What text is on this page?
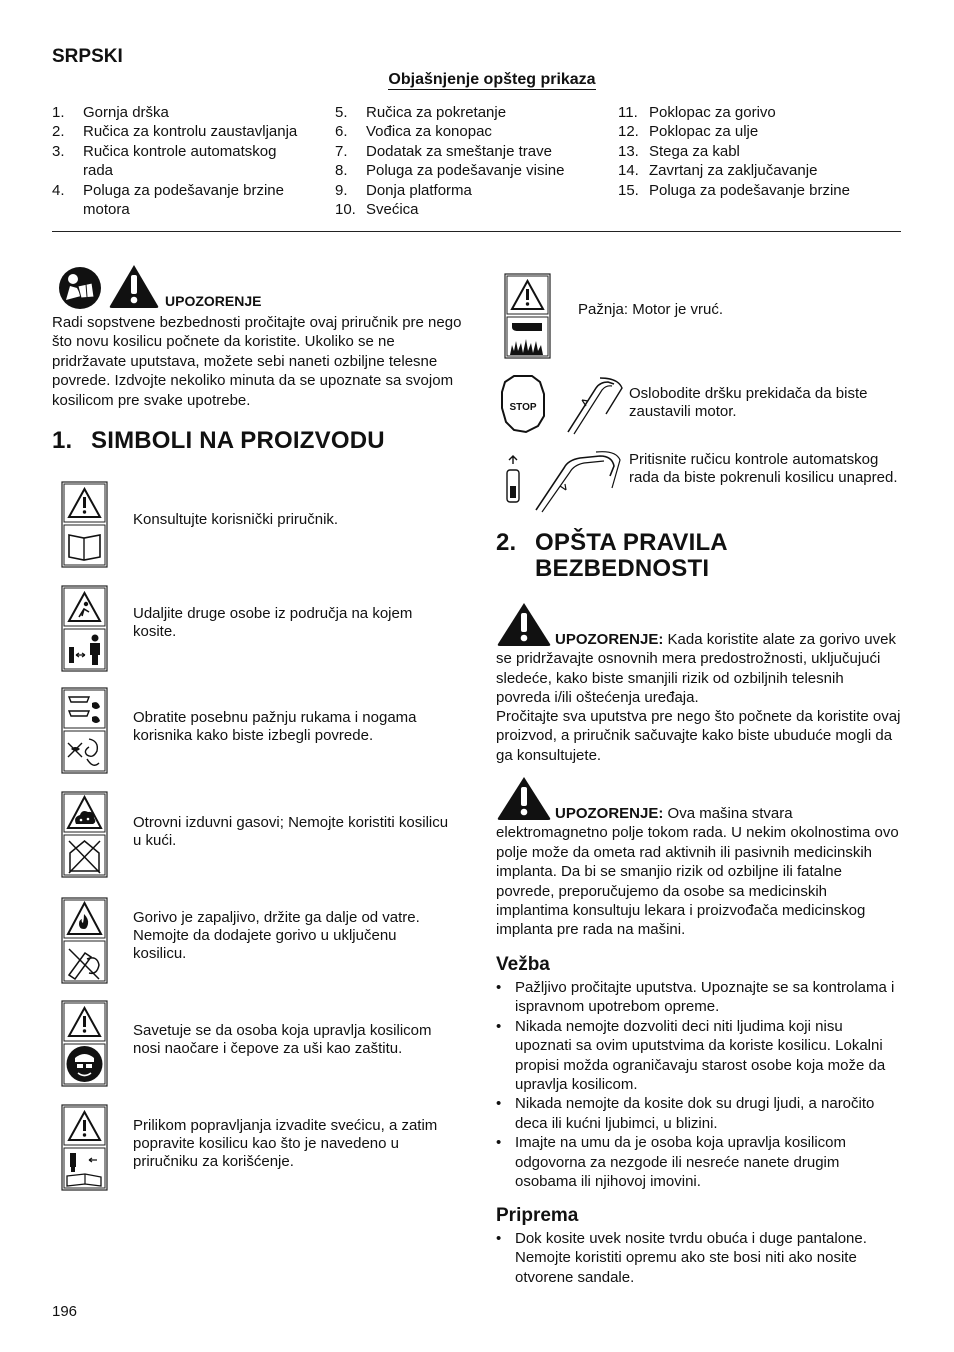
SRPSKI
Objašnjenje opšteg prikaza
1. Gornja drška
2. Ručica za kontrolu zaustavljanja
3. Ručica kontrole automatskog rada
4. Poluga za podešavanje brzine motora
5. Ručica za pokretanje
6. Vođica za konopac
7. Dodatak za smeštanje trave
8. Poluga za podešavanje visine
9. Donja platforma
10. Svećica
11. Poklopac za gorivo
12. Poklopac za ulje
13. Stega za kabl
14. Zavrtanj za zaključavanje
15. Poluga za podešavanje brzine
UPOZORENJE
Radi sopstvene bezbednosti pročitajte ovaj priručnik pre nego što novu kosilicu počnete da koristite. Ukoliko se ne pridržavate uputstava, možete sebi naneti ozbiljne telesne povrede. Izdvojte nekoliko minuta da se upoznate sa svojom kosilicom pre svake upotrebe.
1. SIMBOLI NA PROIZVODU
Konsultujte korisnički priručnik.
Udaljite druge osobe iz područja na kojem kosite.
Obratite posebnu pažnju rukama i nogama korisnika kako biste izbegli povrede.
Otrovni izduvni gasovi; Nemojte koristiti kosilicu u kući.
Gorivo je zapaljivo, držite ga dalje od vatre. Nemojte da dodajete gorivo u uključenu kosilicu.
Savetuje se da osoba koja upravlja kosilicom nosi naočare i čepove za uši kao zaštitu.
Prilikom popravljanja izvadite svećicu, a zatim popravite kosilicu kao što je navedeno u priručniku za korišćenje.
Pažnja: Motor je vruć.
STOP
Oslobodite dršku prekidača da biste zaustavili motor.
Pritisnite ručicu kontrole automatskog rada da biste pokrenuli kosilicu unapred.
2. OPŠTA PRAVILA
BEZBEDNOSTI
UPOZORENJE: Kada koristite alate za gorivo uvek se pridržavajte osnovnih mera predostrožnosti, uključujući sledeće, kako biste smanjili rizik od ozbiljnih telesnih povreda i/ili oštećenja uređaja.
Pročitajte sva uputstva pre nego što počnete da koristite ovaj proizvod, a priručnik sačuvajte kako biste ubuduće mogli da ga konsultujete.
UPOZORENJE: Ova mašina stvara elektromagnetno polje tokom rada. U nekim okolnostima ovo polje može da ometa rad aktivnih ili pasivnih medicinskih implanta. Da bi se smanjio rizik od ozbiljne ili fatalne povrede, preporučujemo da osobe sa medicinskih implantima konsultuju lekara i proizvođača medicinskog implanta pre rada na mašini.
Vežba
• Pažljivo pročitajte uputstva. Upoznajte se sa kontrolama i ispravnom upotrebom opreme.
• Nikada nemojte dozvoliti deci niti ljudima koji nisu upoznati sa ovim uputstvima da koriste kosilicu. Lokalni propisi možda ograničavaju starost osobe koja može da upravlja kosilicom.
• Nikada nemojte da kosite dok su drugi ljudi, a naročito deca ili kućni ljubimci, u blizini.
• Imajte na umu da je osoba koja upravlja kosilicom odgovorna za nezgode ili nesreće nanete drugim osobama ili njihovoj imovini.
Priprema
• Dok kosite uvek nosite tvrdu obuća i duge pantalone. Nemojte koristiti opremu ako ste bosi niti ako nosite otvorene sandale.
196
